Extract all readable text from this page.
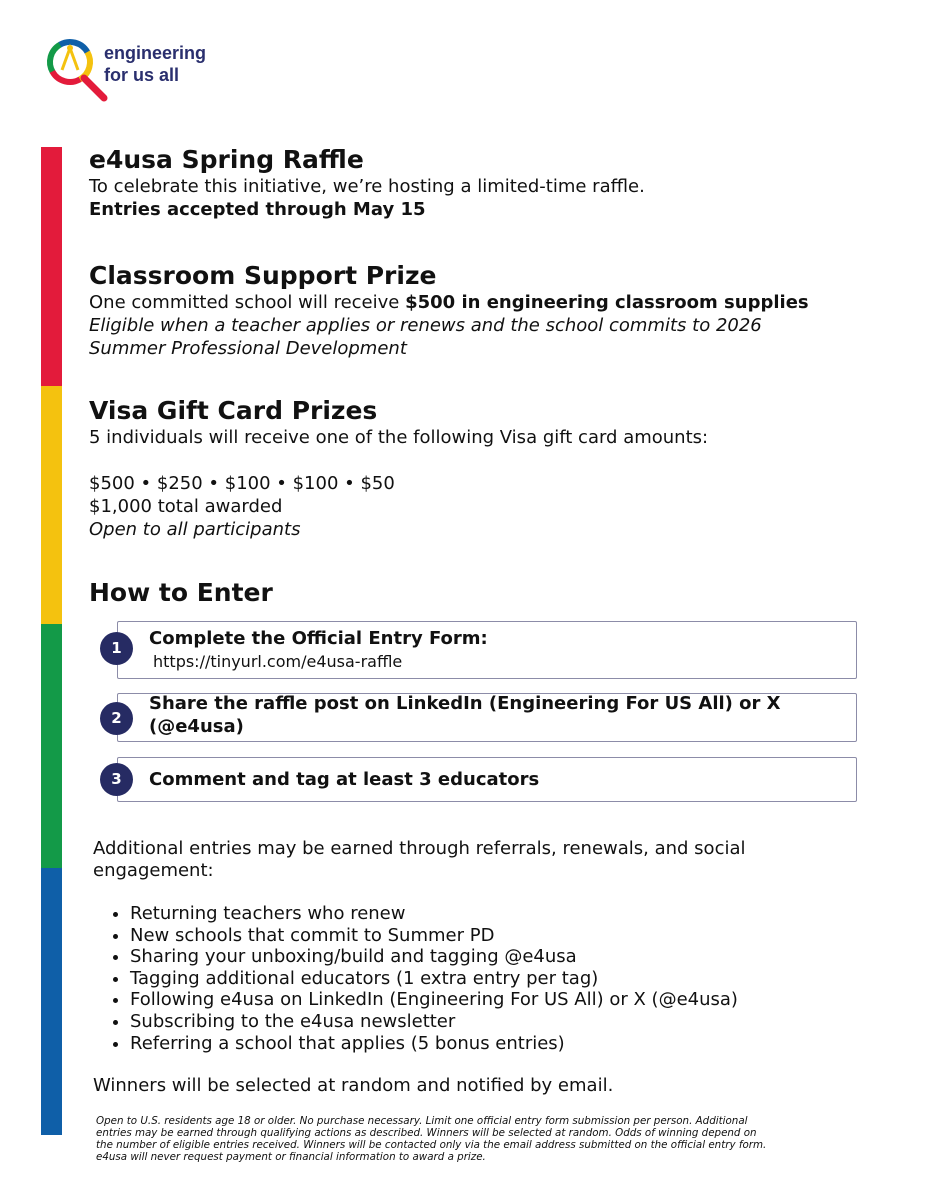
engineering
for us all
e4usa Spring Raffle
To celebrate this initiative, we’re hosting a limited-time raffle.
Entries accepted through May 15
Classroom Support Prize
One committed school will receive $500 in engineering classroom supplies
Eligible when a teacher applies or renews and the school commits to 2026
Summer Professional Development
Visa Gift Card Prizes
5 individuals will receive one of the following Visa gift card amounts:
$500 • $250 • $100 • $100 • $50
$1,000 total awarded
Open to all participants
How to Enter
1	Complete the Official Entry Form:
https://tinyurl.com/e4usa-raffle
2
Share the raffle post on LinkedIn (Engineering For US All) or X
(@e4usa)
3	Comment and tag at least 3 educators
Additional entries may be earned through referrals, renewals, and social
engagement:
• Returning teachers who renew
• New schools that commit to Summer PD
• Sharing your unboxing/build and tagging @e4usa
• Tagging additional educators (1 extra entry per tag)
• Following e4usa on LinkedIn (Engineering For US All) or X (@e4usa)
• Subscribing to the e4usa newsletter
• Referring a school that applies (5 bonus entries)
Winners will be selected at random and notified by email.
Open to U.S. residents age 18 or older. No purchase necessary. Limit one official entry form submission per person. Additional
entries may be earned through qualifying actions as described. Winners will be selected at random. Odds of winning depend on
the number of eligible entries received. Winners will be contacted only via the email address submitted on the official entry form.
e4usa will never request payment or financial information to award a prize.
